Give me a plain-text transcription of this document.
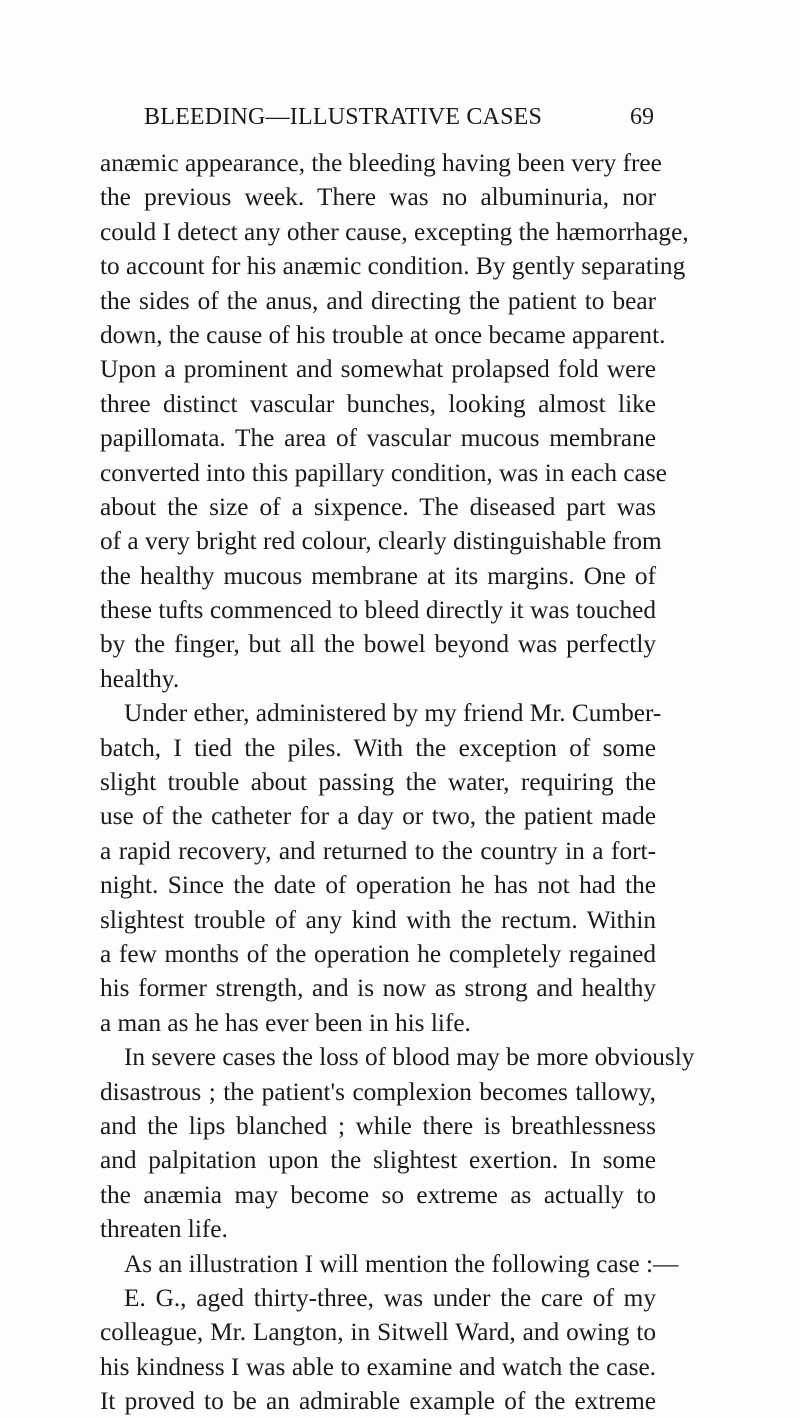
BLEEDING—ILLUSTRATIVE CASES	69
anæmic appearance, the bleeding having been very free
the previous week. There was no albuminuria, nor
could I detect any other cause, excepting the hæmorrhage,
to account for his anæmic condition. By gently separating
the sides of the anus, and directing the patient to bear
down, the cause of his trouble at once became apparent.
Upon a prominent and somewhat prolapsed fold were
three distinct vascular bunches, looking almost like
papillomata. The area of vascular mucous membrane
converted into this papillary condition, was in each case
about the size of a sixpence. The diseased part was
of a very bright red colour, clearly distinguishable from
the healthy mucous membrane at its margins. One of
these tufts commenced to bleed directly it was touched
by the finger, but all the bowel beyond was perfectly
healthy.
Under ether, administered by my friend Mr. Cumber-
batch, I tied the piles. With the exception of some
slight trouble about passing the water, requiring the
use of the catheter for a day or two, the patient made
a rapid recovery, and returned to the country in a fort-
night. Since the date of operation he has not had the
slightest trouble of any kind with the rectum. Within
a few months of the operation he completely regained
his former strength, and is now as strong and healthy
a man as he has ever been in his life.
In severe cases the loss of blood may be more obviously
disastrous ; the patient's complexion becomes tallowy,
and the lips blanched ; while there is breathlessness
and palpitation upon the slightest exertion. In some
the anæmia may become so extreme as actually to
threaten life.
As an illustration I will mention the following case :—
E. G., aged thirty-three, was under the care of my
colleague, Mr. Langton, in Sitwell Ward, and owing to
his kindness I was able to examine and watch the case.
It proved to be an admirable example of the extreme
